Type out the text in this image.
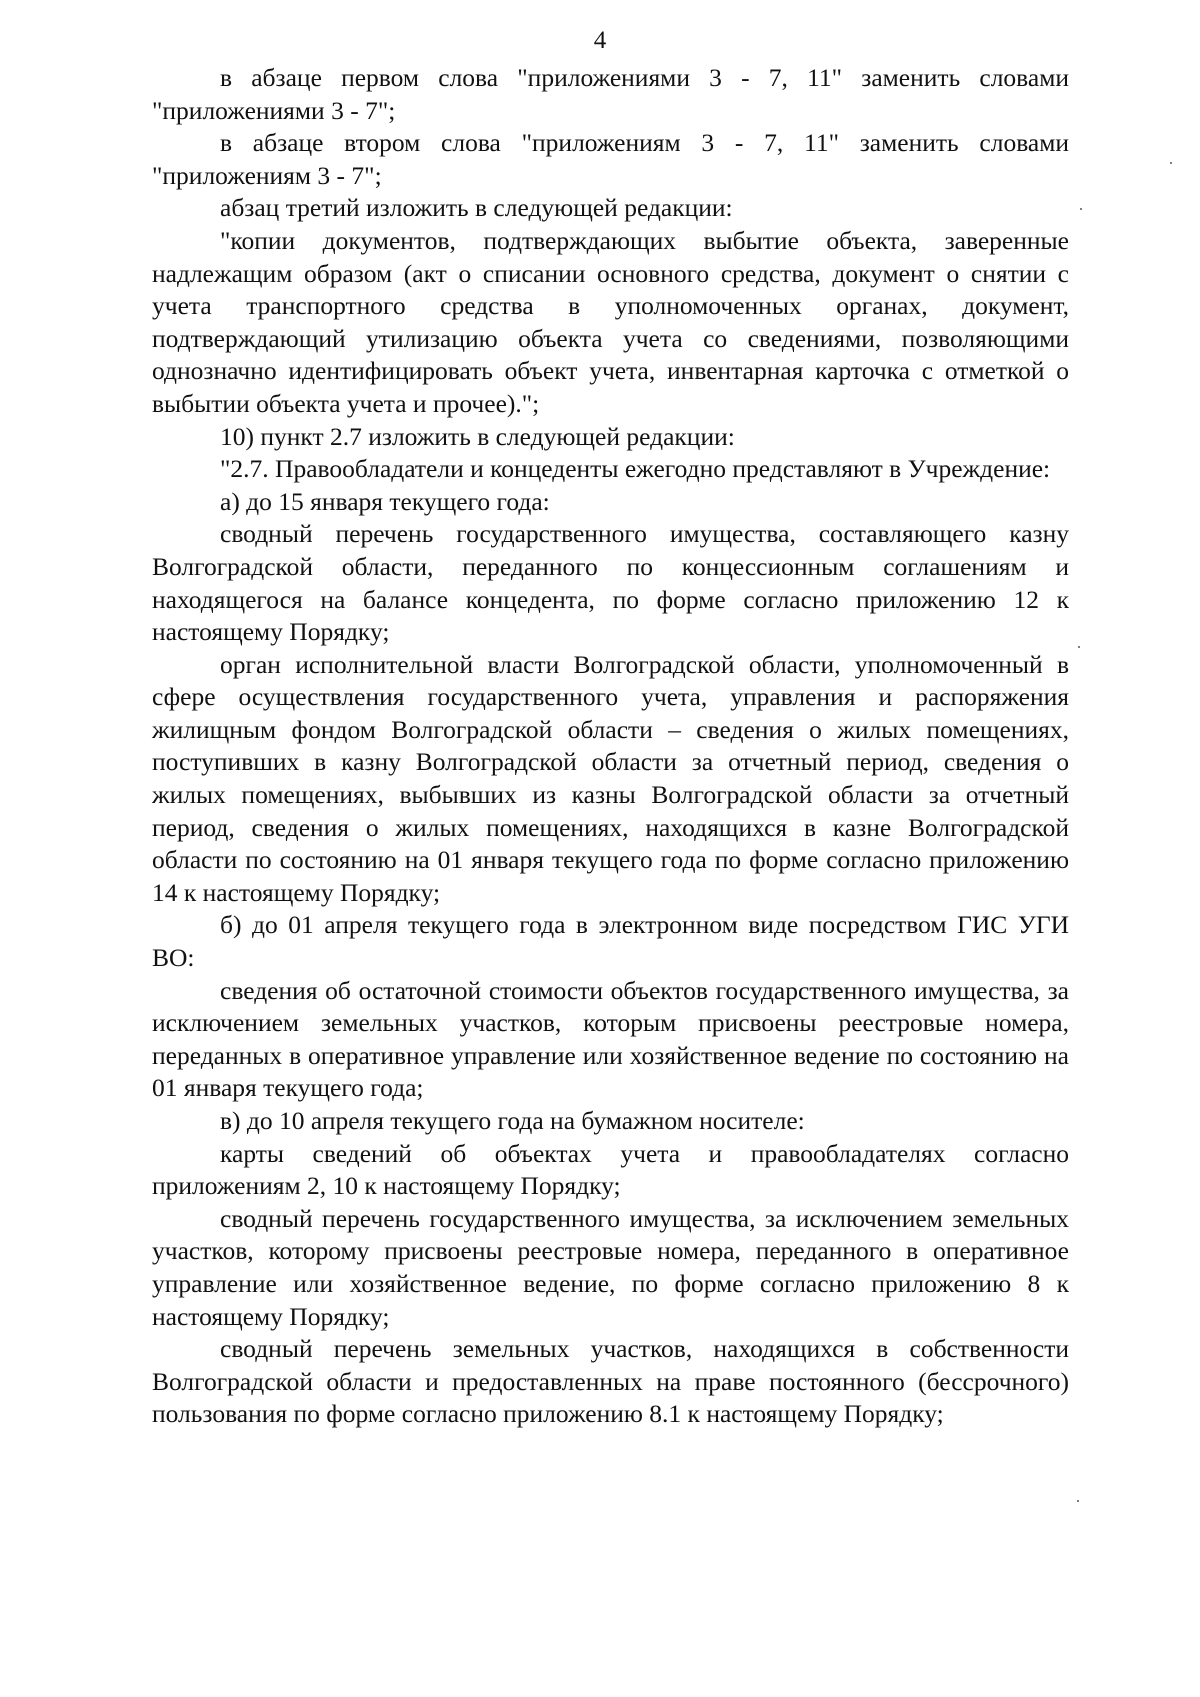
4

в абзаце первом слова "приложениями 3 - 7, 11" заменить словами "приложениями 3 - 7";

в абзаце втором слова "приложениям 3 - 7, 11" заменить словами "приложениям 3 - 7";

абзац третий изложить в следующей редакции:

"копии документов, подтверждающих выбытие объекта, заверенные надлежащим образом (акт о списании основного средства, документ о снятии с учета транспортного средства в уполномоченных органах, документ, подтверждающий утилизацию объекта учета со сведениями, позволяющими однозначно идентифицировать объект учета, инвентарная карточка с отметкой о выбытии объекта учета и прочее).";

10) пункт 2.7 изложить в следующей редакции:

"2.7. Правообладатели и концеденты ежегодно представляют в Учреждение:

а) до 15 января текущего года:

сводный перечень государственного имущества, составляющего казну Волгоградской области, переданного по концессионным соглашениям и находящегося на балансе концедента, по форме согласно приложению 12 к настоящему Порядку;

орган исполнительной власти Волгоградской области, уполномоченный в сфере осуществления государственного учета, управления и распоряжения жилищным фондом Волгоградской области – сведения о жилых помещениях, поступивших в казну Волгоградской области за отчетный период, сведения о жилых помещениях, выбывших из казны Волгоградской области за отчетный период, сведения о жилых помещениях, находящихся в казне Волгоградской области по состоянию на 01 января текущего года по форме согласно приложению 14 к настоящему Порядку;

б) до 01 апреля текущего года в электронном виде посредством ГИС УГИ ВО:

сведения об остаточной стоимости объектов государственного имущества, за исключением земельных участков, которым присвоены реестровые номера, переданных в оперативное управление или хозяйственное ведение по состоянию на 01 января текущего года;

в) до 10 апреля текущего года на бумажном носителе:

карты сведений об объектах учета и правообладателях согласно приложениям 2, 10 к настоящему Порядку;

сводный перечень государственного имущества, за исключением земельных участков, которому присвоены реестровые номера, переданного в оперативное управление или хозяйственное ведение, по форме согласно приложению 8 к настоящему Порядку;

сводный перечень земельных участков, находящихся в собственности Волгоградской области и предоставленных на праве постоянного (бессрочного) пользования по форме согласно приложению 8.1 к настоящему Порядку;
